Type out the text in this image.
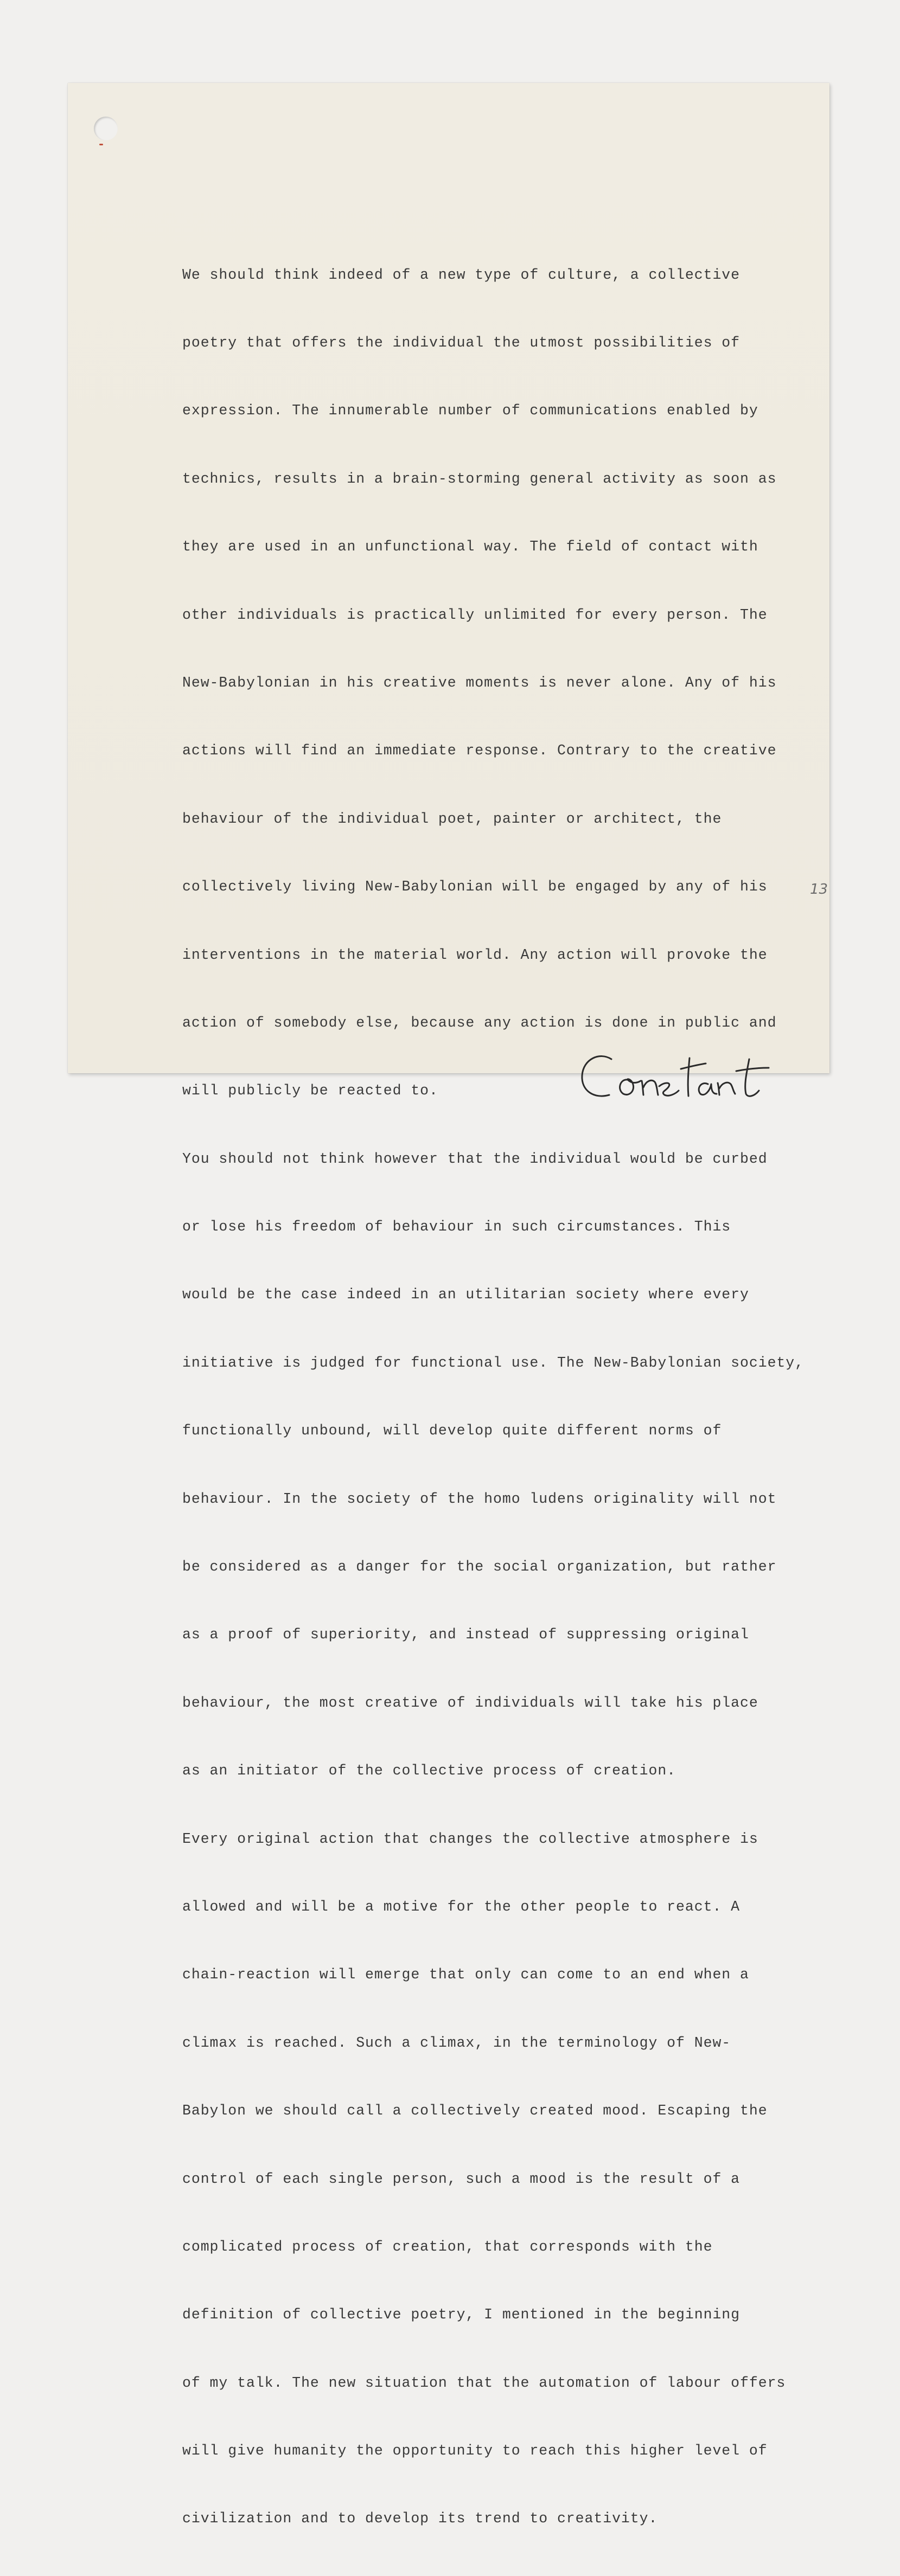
We should think indeed of a new type of culture, a collective

poetry that offers the individual the utmost possibilities of

expression. The innumerable number of communications enabled by

technics, results in a brain-storming general activity as soon as

they are used in an unfunctional way. The field of contact with

other individuals is practically unlimited for every person. The

New-Babylonian in his creative moments is never alone. Any of his

actions will find an immediate response. Contrary to the creative

behaviour of the individual poet, painter or architect, the

collectively living New-Babylonian will be engaged by any of his

interventions in the material world. Any action will provoke the

action of somebody else, because any action is done in public and

will publicly be reacted to.

You should not think however that the individual would be curbed

or lose his freedom of behaviour in such circumstances. This

would be the case indeed in an utilitarian society where every

initiative is judged for functional use. The New-Babylonian society,

functionally unbound, will develop quite different norms of

behaviour. In the society of the homo ludens originality will not

be considered as a danger for the social organization, but rather

as a proof of superiority, and instead of suppressing original

behaviour, the most creative of individuals will take his place

as an initiator of the collective process of creation.

Every original action that changes the collective atmosphere is

allowed and will be a motive for the other people to react. A

chain-reaction will emerge that only can come to an end when a

climax is reached. Such a climax, in the terminology of New-

Babylon we should call a collectively created mood. Escaping the

control of each single person, such a mood is the result of a

complicated process of creation, that corresponds with the

definition of collective poetry, I mentioned in the beginning

of my talk. The new situation that the automation of labour offers

will give humanity the opportunity to reach this higher level of

civilization and to develop its trend to creativity.

13
